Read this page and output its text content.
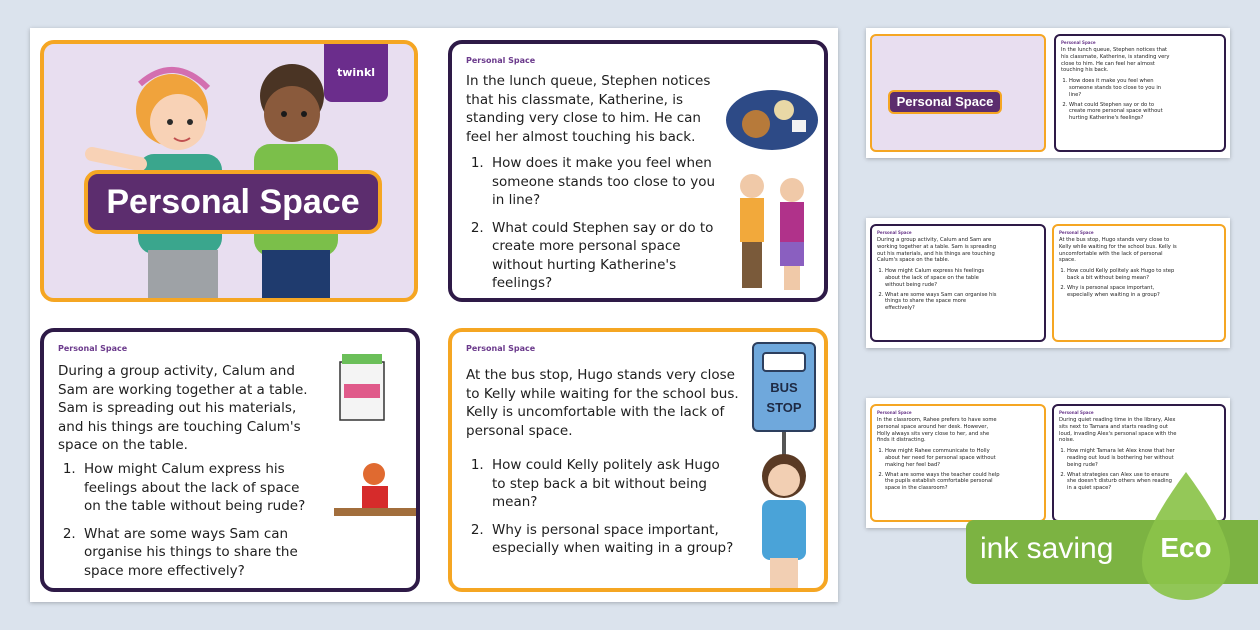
twinkl
Personal Space
Personal Space
In the lunch queue, Stephen notices that his classmate, Katherine, is standing very close to him. He can feel her almost touching his back.
1. How does it make you feel when someone stands too close to you in line?
2. What could Stephen say or do to create more personal space without hurting Katherine's feelings?
Personal Space
During a group activity, Calum and Sam are working together at a table. Sam is spreading out his materials, and his things are touching Calum's space on the table.
1. How might Calum express his feelings about the lack of space on the table without being rude?
2. What are some ways Sam can organise his things to share the space more effectively?
Personal Space
At the bus stop, Hugo stands very close to Kelly while waiting for the school bus. Kelly is uncomfortable with the lack of personal space.
1. How could Kelly politely ask Hugo to step back a bit without being mean?
2. Why is personal space important, especially when waiting in a group?
BUS STOP
Personal Space
Personal Space

In the lunch queue, Stephen notices that his classmate, Katherine, is standing very close to him. He can feel her almost touching his back.

1. How does it make you feel when someone stands too close to you in line?
2. What could Stephen say or do to create more personal space without hurting Katherine's feelings?
Personal Space

During a group activity, Calum and Sam are working together at a table. Sam is spreading out his materials, and his things are touching Calum's space on the table.

1. How might Calum express his feelings about the lack of space on the table without being rude?
2. What are some ways Sam can organise his things to share the space more effectively?
Personal Space

At the bus stop, Hugo stands very close to Kelly while waiting for the school bus. Kelly is uncomfortable with the lack of personal space.

1. How could Kelly politely ask Hugo to step back a bit without being mean?
2. Why is personal space important, especially when waiting in a group?
Personal Space

In the classroom, Rahee prefers to have some personal space around her desk. However, Holly always sits very close to her, and she finds it distracting.

1. How might Rahee communicate to Holly about her need for personal space without making her feel bad?
2. What are some ways the teacher could help the pupils establish comfortable personal space in the classroom?
Personal Space

During quiet reading time in the library, Alex sits next to Tamara and starts reading out loud, invading Alex's personal space with the noise.

1. How might Tamara let Alex know that her reading out loud is bothering her without being rude?
2. What strategies can Alex use to ensure she doesn't disturb others when reading in a quiet space?
ink saving	Eco
